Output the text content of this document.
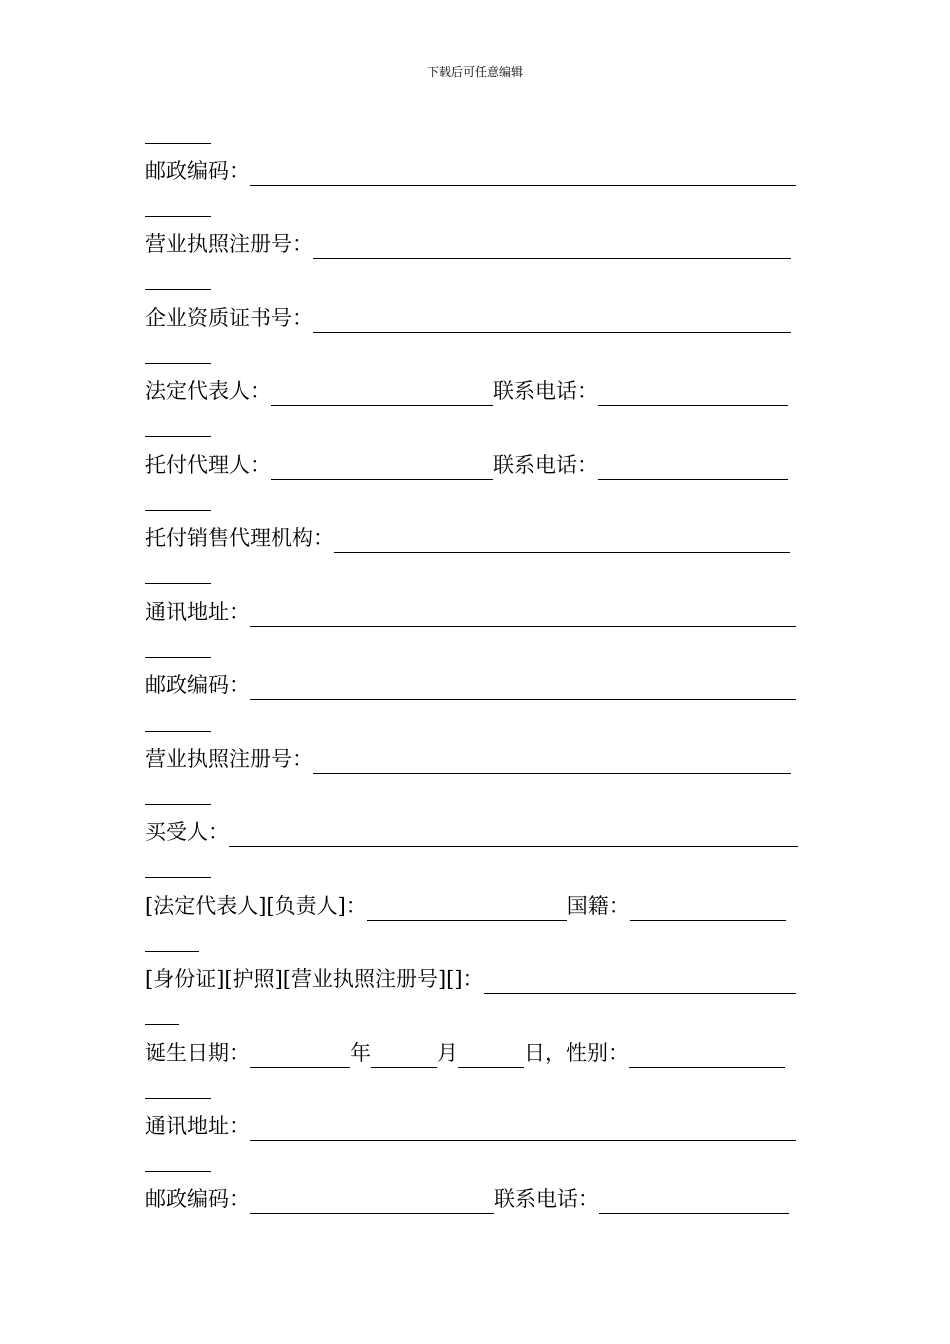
下载后可任意编辑
邮政编码：
营业执照注册号：
企业资质证书号：
法定代表人：	联系电话：
托付代理人：	联系电话：
托付销售代理机构：
通讯地址：
邮政编码：
营业执照注册号：
买受人：
[法定代表人][负责人]：	国籍：
[身份证][护照][营业执照注册号][]：
诞生日期：	年	月	日，性别：
通讯地址：
邮政编码：	联系电话：
